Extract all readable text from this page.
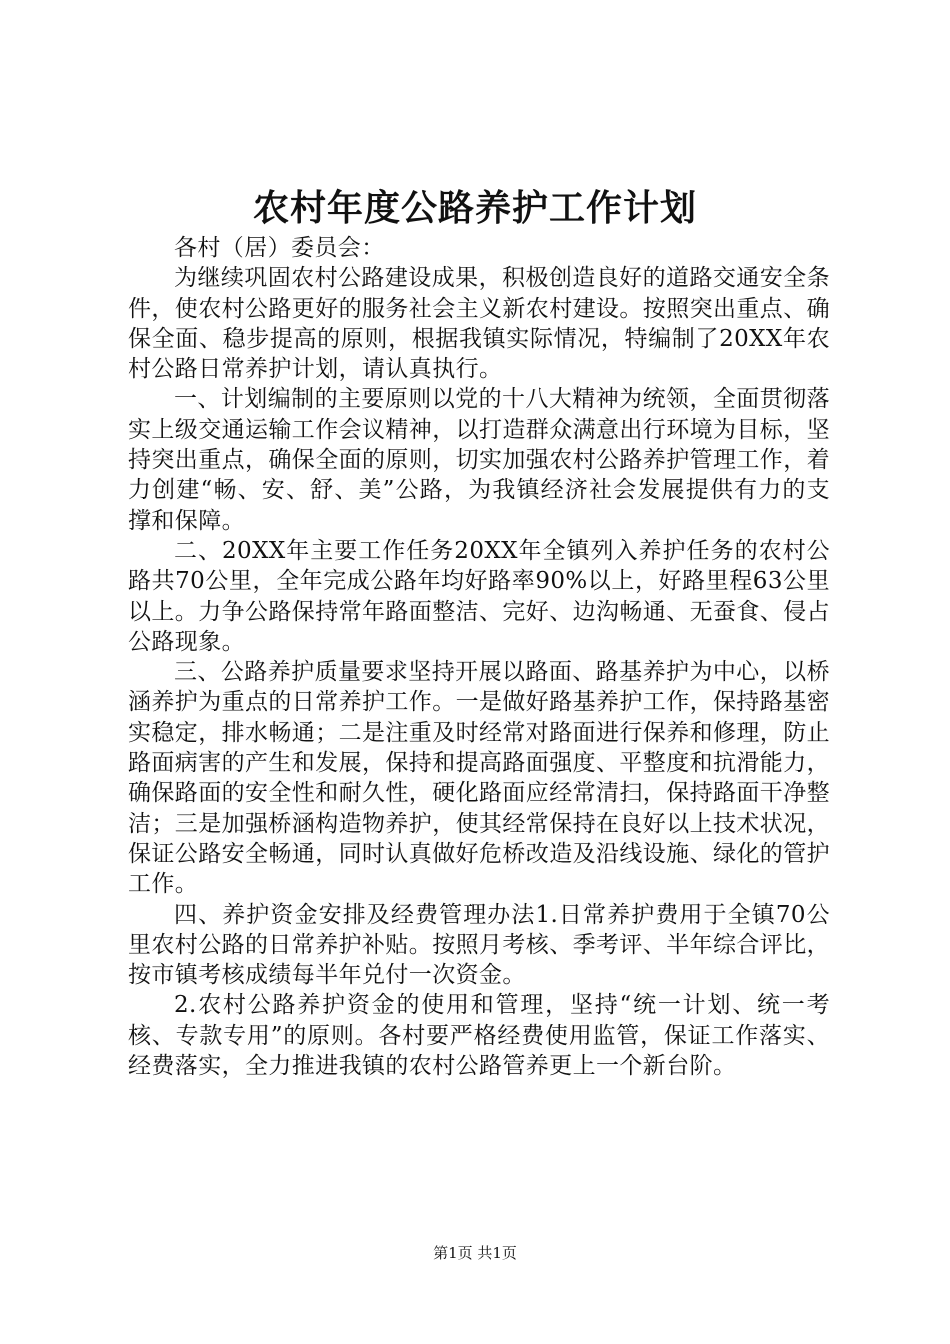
农村年度公路养护工作计划

各村（居）委员会：

为继续巩固农村公路建设成果，积极创造良好的道路交通安全条件，使农村公路更好的服务社会主义新农村建设。按照突出重点、确保全面、稳步提高的原则，根据我镇实际情况，特编制了20XX年农村公路日常养护计划，请认真执行。

一、计划编制的主要原则以党的十八大精神为统领，全面贯彻落实上级交通运输工作会议精神，以打造群众满意出行环境为目标，坚持突出重点，确保全面的原则，切实加强农村公路养护管理工作，着力创建“畅、安、舒、美”公路，为我镇经济社会发展提供有力的支撑和保障。

二、20XX年主要工作任务20XX年全镇列入养护任务的农村公路共70公里，全年完成公路年均好路率90%以上，好路里程63公里以上。力争公路保持常年路面整洁、完好、边沟畅通、无蚕食、侵占公路现象。

三、公路养护质量要求坚持开展以路面、路基养护为中心，以桥涵养护为重点的日常养护工作。一是做好路基养护工作，保持路基密实稳定，排水畅通；二是注重及时经常对路面进行保养和修理，防止路面病害的产生和发展，保持和提高路面强度、平整度和抗滑能力，确保路面的安全性和耐久性，硬化路面应经常清扫，保持路面干净整洁；三是加强桥涵构造物养护，使其经常保持在良好以上技术状况，保证公路安全畅通，同时认真做好危桥改造及沿线设施、绿化的管护工作。

四、养护资金安排及经费管理办法1.日常养护费用于全镇70公里农村公路的日常养护补贴。按照月考核、季考评、半年综合评比，按市镇考核成绩每半年兑付一次资金。

2.农村公路养护资金的使用和管理，坚持“统一计划、统一考核、专款专用”的原则。各村要严格经费使用监管，保证工作落实、经费落实，全力推进我镇的农村公路管养更上一个新台阶。

第1页 共1页
